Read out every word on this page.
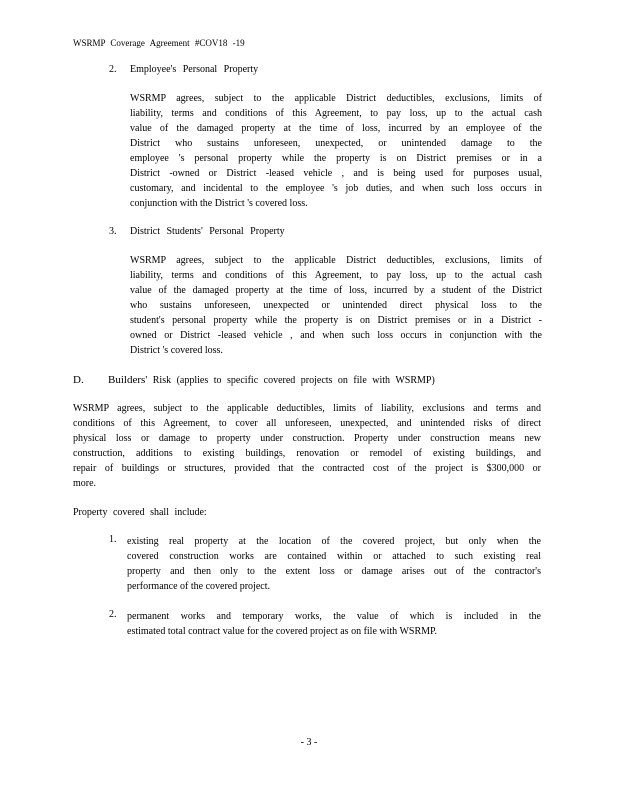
WSRMP Coverage Agreement #COV18 -19
2. Employee's Personal Property
WSRMP agrees, subject to the applicable District deductibles, exclusions, limits of
liability, terms and conditions of this Agreement, to pay loss, up to the actual cash
value of the damaged property at the time of loss, incurred by an employee of the
District who sustains unforeseen, unexpected, or unintended damage to the
employee 's personal property while the property is on District premises or in a
District -owned or District -leased vehicle , and is being used for purposes usual,
customary, and incidental to the employee 's job duties, and when such loss occurs in
conjunction with the District 's covered loss.
3. District Students' Personal Property
WSRMP agrees, subject to the applicable District deductibles, exclusions, limits of
liability, terms and conditions of this Agreement, to pay loss, up to the actual cash
value of the damaged property at the time of loss, incurred by a student of the District
who sustains unforeseen, unexpected or unintended direct physical loss to the
student's personal property while the property is on District premises or in a District -
owned or District -leased vehicle , and when such loss occurs in conjunction with the
District 's covered loss.
D. Builders' Risk (applies to specific covered projects on file with WSRMP)
WSRMP agrees, subject to the applicable deductibles, limits of liability, exclusions and terms and
conditions of this Agreement, to cover all unforeseen, unexpected, and unintended risks of direct
physical loss or damage to property under construction. Property under construction means new
construction, additions to existing buildings, renovation or remodel of existing buildings, and
repair of buildings or structures, provided that the contracted cost of the project is $300,000 or
more.
Property covered shall include:
1. existing real property at the location of the covered project, but only when the
covered construction works are contained within or attached to such existing real
property and then only to the extent loss or damage arises out of the contractor's
performance of the covered project.
2. permanent works and temporary works, the value of which is included in the
estimated total contract value for the covered project as on file with WSRMP.
- 3 -
